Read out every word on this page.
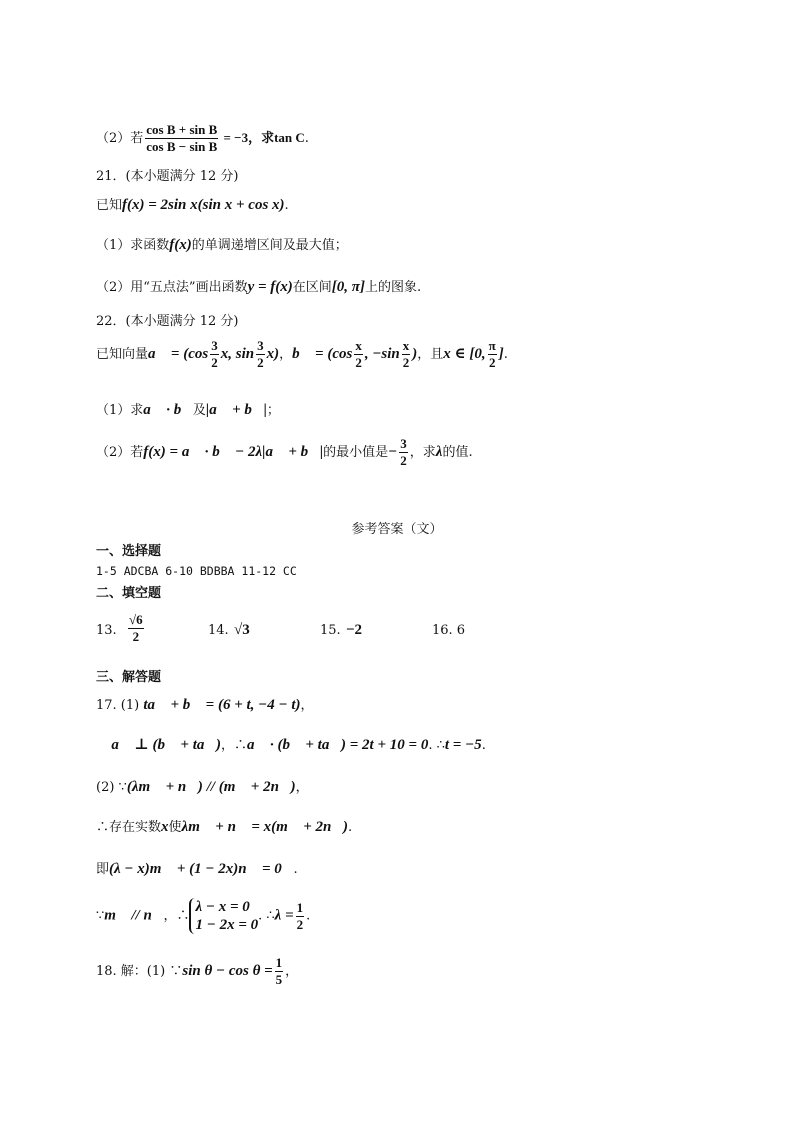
（2）若 $\frac{\text{cos B + sin B}}{\text{cos B − sin B}} = -3$，求tan C.
21．(本小题满分 12 分)
已知f(x) = 2sin x(sin x + cos x).
（1）求函数f(x)的单调递增区间及最大值；
（2）用“五点法”画出函数y = f(x)在区间[0, π]上的图象.
22．(本小题满分 12 分)
已知向量a⃗ = ($\cos \frac{3}{2} x$, $\sin \frac{3}{2} x$)，b⃗ = ($\cos \frac{x}{2}$ , $-\sin \frac{x}{2}$ )，且x ∈ [0, $\frac{\pi}{2}$ ].
（1）求a⃗ · b⃗及|a⃗ + b⃗|；
（2）若f(x) = a⃗ · b⃗ − 2λ|a⃗ + b⃗|的最小值是− $\frac{3}{2}$ ，求λ的值.
参考答案（文）
一、选择题
1-5 ADCBA 6-10 BDBBA 11-12 CC
二、填空题
13. $\frac{√6}{2}$	14. √3	15. −2	16. 6
三、解答题
17. (1) ta⃗ + b⃗ = (6 + t, −4 − t)，
∵ a⃗ ⊥ (b⃗ + ta⃗)，∴a⃗ · (b⃗ + ta⃗) = 2t + 10 = 0. ∴t = −5.
(2) ∵(λm⃗ + n⃗) // (m⃗ + 2n⃗)，
∴存在实数x使λm⃗ + n⃗ = x(m⃗ + 2n⃗).
即(λ − x)m⃗ + (1 − 2x)n⃗ = 0⃗.
∵m⃗ // n⃗，∴
λ − x = 0
1 − 2x = 0
. ∴λ = $\frac{1}{2}$ .
18. 解：(1) ∵sin $\theta - \cos \theta = \frac{1}{5}$ ，
